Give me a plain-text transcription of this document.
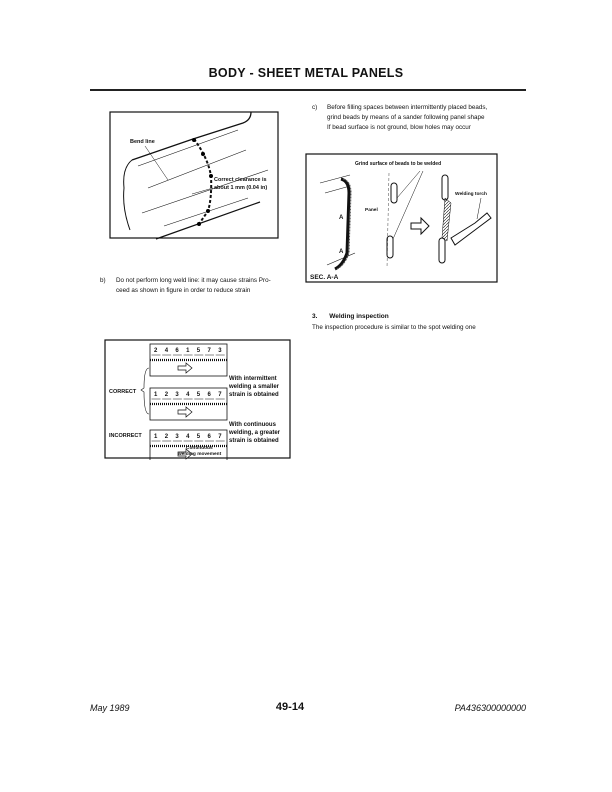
BODY - SHEET METAL PANELS
Bend line
Correct clearance is
about 1 mm (0.04 in)
b) Do not perform long weld line: it may cause strains Pro-
ceed as shown in figure in order to reduce strain
2 4 6 1 5 7 3
1 2 3 4 5 6 7
1 2 3 4 5 6 7
CORRECT
INCORRECT
With intermittent
welding a smaller
strain is obtained
With continuous
welding, a greater
strain is obtained
Continuous
welding movement
c) Before filling spaces between intermittently placed beads,
grind beads by means of a sander following panel shape
If bead surface is not ground, blow holes may occur
Grind surface of beads to be welded
A
A
SEC. A-A
Panel
Welding torch
3. Welding inspection
The inspection procedure is similar to the spot welding one
May 1989	49-14	PA436300000000
